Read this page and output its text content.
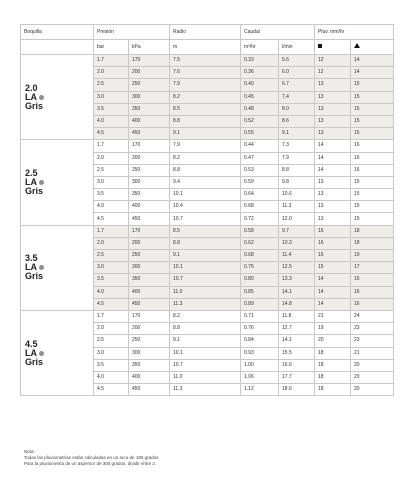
Boquilla	Presión		Radio	Caudal		Pluv. mm/hr	
	bar	kPa	m	m³/hr	l/min		

2.0
LA
Gris	1.7	170	7.5	0.33	5.6	12	14
	2.0	200	7.6	0.36	6.0	12	14
	2.5	250	7.9	0.40	6.7	13	15
	3.0	300	8.2	0.45	7.4	13	15
	3.5	350	8.5	0.48	8.0	13	15
	4.0	400	8.8	0.52	8.6	13	15
	4.5	450	9.1	0.55	9.1	13	15

2.5
LA
Gris	1.7	170	7.9	0.44	7.3	14	16
	2.0	200	8.2	0.47	7.9	14	16
	2.5	250	8.8	0.53	8.8	14	16
	3.0	300	9.4	0.59	9.8	13	15
	3.5	350	10.1	0.64	10.6	13	15
	4.0	400	10.4	0.68	11.3	13	15
	4.5	450	10.7	0.72	12.0	13	15

3.5
LA
Gris	1.7	170	8.5	0.58	9.7	16	18
	2.0	200	8.8	0.62	10.3	16	18
	2.5	250	9.1	0.68	11.4	16	19
	3.0	300	10.1	0.75	12.5	15	17
	3.5	350	10.7	0.80	13.3	14	16
	4.0	400	11.0	0.85	14.1	14	16
	4.5	450	11.3	0.89	14.8	14	16

4.5
LA
Gris	1.7	170	8.2	0.71	11.8	21	24
	2.0	200	8.8	0.76	12.7	19	23
	2.5	250	9.1	0.84	14.1	20	23
	3.0	300	10.1	0.93	15.5	18	21
	3.5	350	10.7	1.00	16.6	18	20
	4.0	400	11.0	1.06	17.7	18	20
	4.5	450	11.3	1.12	18.6	18	20
Nota:
Todas las pluviometrías están calculadas en un arco de 180 grados.
Para la pluviometría de un aspersor de 360 grados, dividir entre 2.
